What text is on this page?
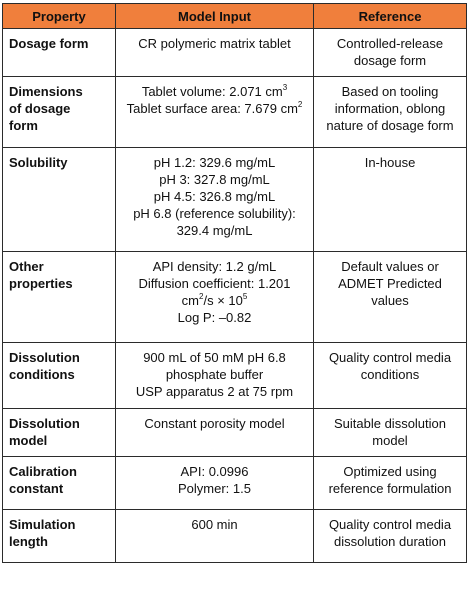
Property	Model Input	Reference

Dosage form	CR polymeric matrix tablet	Controlled-release
dosage form

Dimensions
of dosage
form	Tablet volume: 2.071 $cm^3$
Tablet surface area: 7.679 $cm^2$	Based on tooling
information, oblong
nature of dosage form

Solubility	pH 1.2: 329.6 mg/mL
pH 3: 327.8 mg/mL
pH 4.5: 326.8 mg/mL
pH 6.8 (reference solubility):
329.4 mg/mL	In-house

Other
properties	API density: 1.2 g/mL
Diffusion coefficient: 1.201
$cm^2/s \times 10^5$
Log P: –0.82	Default values or
ADMET Predicted
values

Dissolution
conditions	900 mL of 50 mM pH 6.8
phosphate buffer
USP apparatus 2 at 75 rpm	Quality control media
conditions

Dissolution
model	Constant porosity model	Suitable dissolution
model

Calibration
constant	API: 0.0996
Polymer: 1.5	Optimized using
reference formulation

Simulation
length	600 min	Quality control media
dissolution duration
